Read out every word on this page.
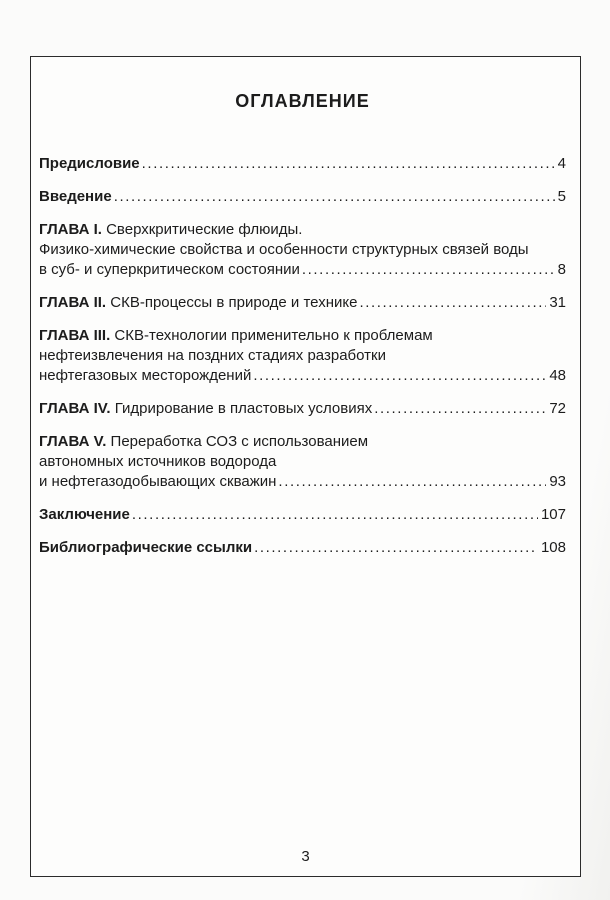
ОГЛАВЛЕНИЕ
Предисловие .....	4
Введение .....	5
ГЛАВА I. Сверхкритические флюиды.
Физико-химические свойства и особенности структурных связей воды
в суб- и суперкритическом состоянии .....	8
ГЛАВА II. СКВ-процессы в природе и технике .....	31
ГЛАВА III. СКВ-технологии применительно к проблемам
нефтеизвлечения на поздних стадиях разработки
нефтегазовых месторождений .....	48
ГЛАВА IV. Гидрирование в пластовых условиях .....	72
ГЛАВА V. Переработка СОЗ с использованием
автономных источников водорода
и нефтегазодобывающих скважин .....	93
Заключение .....	107
Библиографические ссылки .....	108
3
